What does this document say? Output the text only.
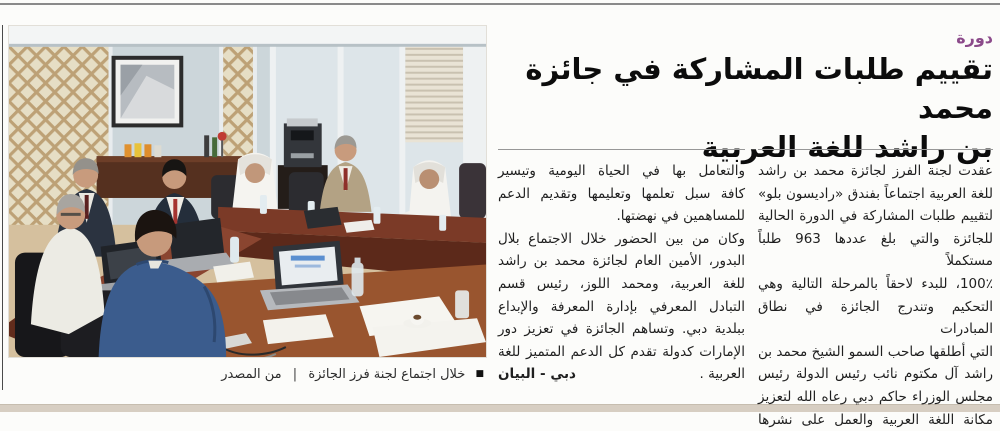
■ خلال اجتماع لجنة فرز الجائزة | من المصدر
دورة
تقييم طلبات المشاركة في جائزة محمد
بن راشد للغة العربية
عقدت لجنة الفرز لجائزة محمد بن راشد
للغة العربية اجتماعاً بفندق «راديسون بلو»
لتقييم طلبات المشاركة في الدورة الحالية
للجائزة والتي بلغ عددها 963 طلباً مستكملاً
100٪، للبدء لاحقاً بالمرحلة التالية وهي
التحكيم وتندرج الجائزة في نطاق المبادرات
التي أطلقها صاحب السمو الشيخ محمد بن
راشد آل مكتوم نائب رئيس الدولة رئيس
مجلس الوزراء حاكم دبي رعاه الله لتعزيز
مكانة اللغة العربية والعمل على نشرها
والتعامل بها في الحياة اليومية وتيسير
كافة سبل تعلمها وتعليمها وتقديم الدعم
للمساهمين في نهضتها.
وكان من بين الحضور خلال الاجتماع بلال
البدور، الأمين العام لجائزة محمد بن راشد
للغة العربية، ومحمد اللوز، رئيس قسم
التبادل المعرفي بإدارة المعرفة والإبداع
ببلدية دبي. وتساهم الجائزة في تعزيز دور
الإمارات كدولة تقدم كل الدعم المتميز للغة
العربية .
دبي - البيان
